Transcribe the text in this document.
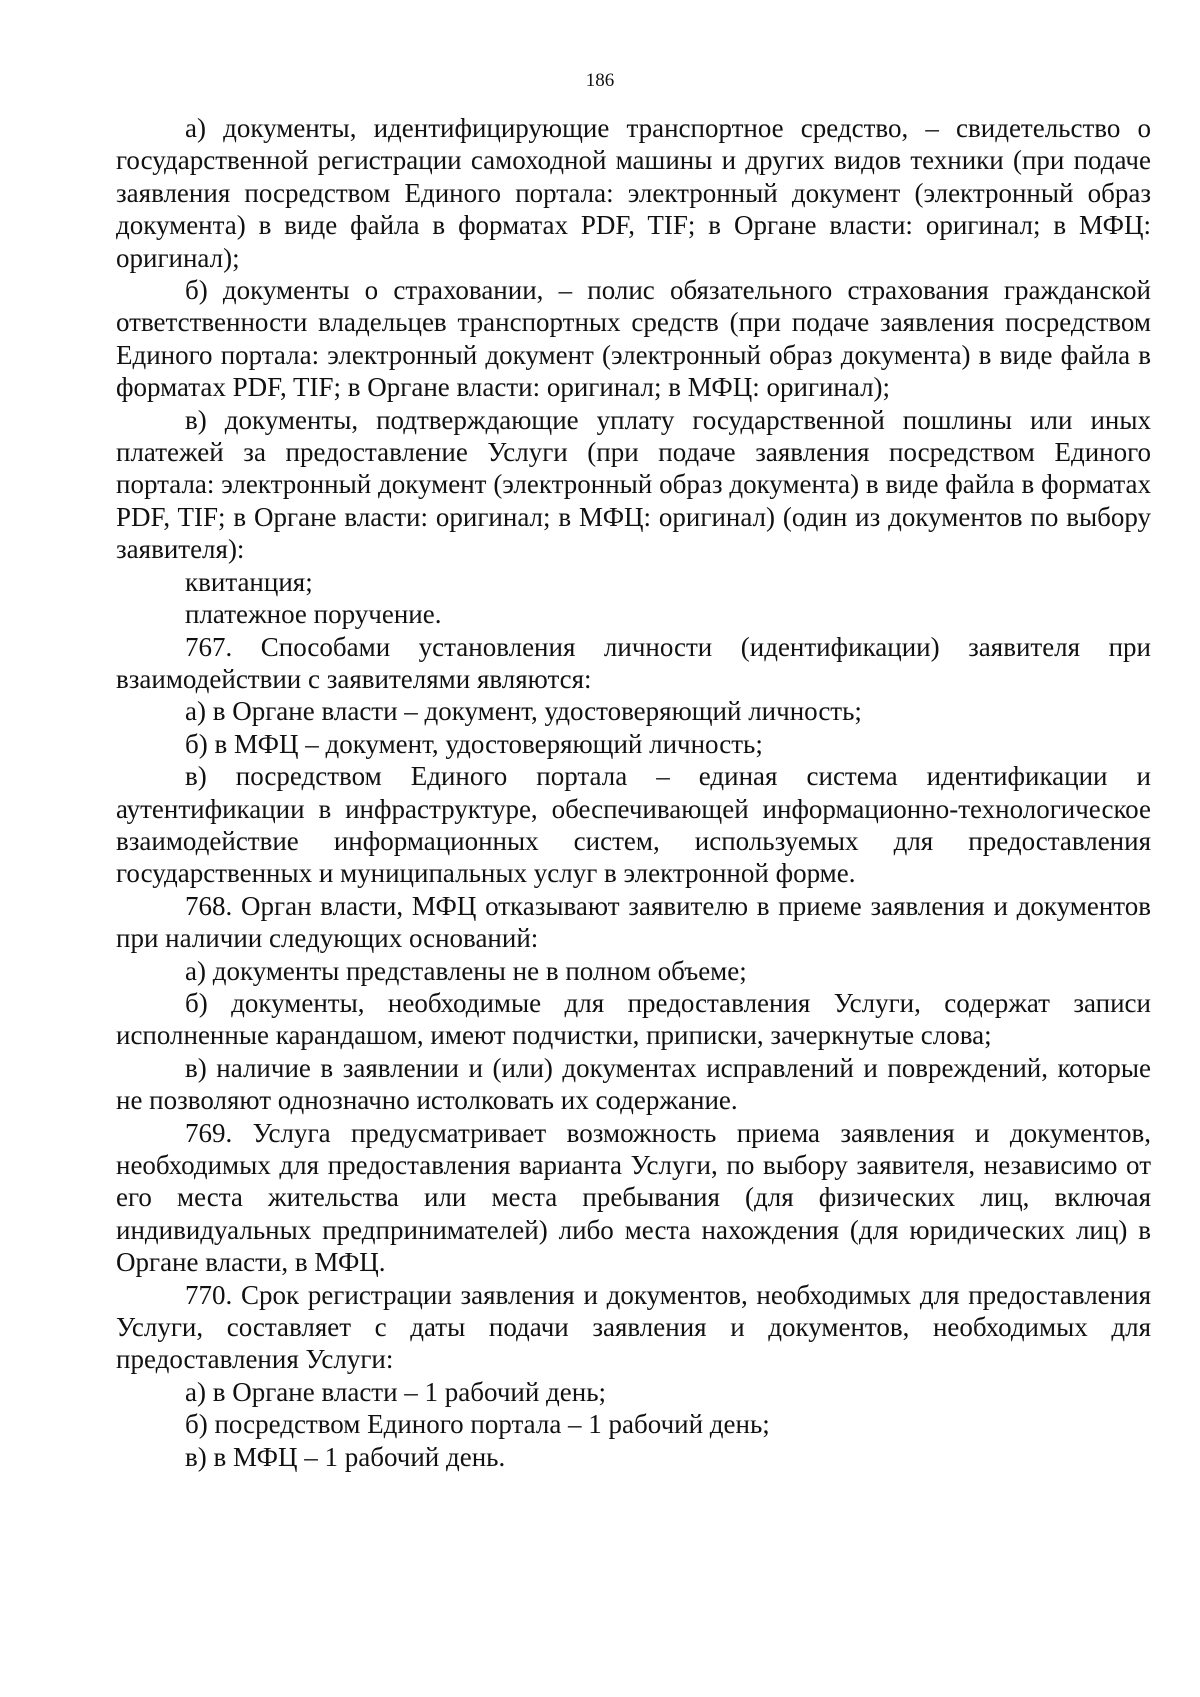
186

а) документы, идентифицирующие транспортное средство, – свидетельство о государственной регистрации самоходной машины и других видов техники (при подаче заявления посредством Единого портала: электронный документ (электронный образ документа) в виде файла в форматах PDF, TIF; в Органе власти: оригинал; в МФЦ: оригинал);

б) документы о страховании, – полис обязательного страхования гражданской ответственности владельцев транспортных средств (при подаче заявления посредством Единого портала: электронный документ (электронный образ документа) в виде файла в форматах PDF, TIF; в Органе власти: оригинал; в МФЦ: оригинал);

в) документы, подтверждающие уплату государственной пошлины или иных платежей за предоставление Услуги (при подаче заявления посредством Единого портала: электронный документ (электронный образ документа) в виде файла в форматах PDF, TIF; в Органе власти: оригинал; в МФЦ: оригинал) (один из документов по выбору заявителя):

квитанция;

платежное поручение.

767. Способами установления личности (идентификации) заявителя при взаимодействии с заявителями являются:

а) в Органе власти – документ, удостоверяющий личность;

б) в МФЦ – документ, удостоверяющий личность;

в) посредством Единого портала – единая система идентификации и аутентификации в инфраструктуре, обеспечивающей информационно-технологическое взаимодействие информационных систем, используемых для предоставления государственных и муниципальных услуг в электронной форме.

768. Орган власти, МФЦ отказывают заявителю в приеме заявления и документов при наличии следующих оснований:

а) документы представлены не в полном объеме;

б) документы, необходимые для предоставления Услуги, содержат записи исполненные карандашом, имеют подчистки, приписки, зачеркнутые слова;

в) наличие в заявлении и (или) документах исправлений и повреждений, которые не позволяют однозначно истолковать их содержание.

769. Услуга предусматривает возможность приема заявления и документов, необходимых для предоставления варианта Услуги, по выбору заявителя, независимо от его места жительства или места пребывания (для физических лиц, включая индивидуальных предпринимателей) либо места нахождения (для юридических лиц) в Органе власти, в МФЦ.

770. Срок регистрации заявления и документов, необходимых для предоставления Услуги, составляет с даты подачи заявления и документов, необходимых для предоставления Услуги:

а) в Органе власти – 1 рабочий день;

б) посредством Единого портала – 1 рабочий день;

в) в МФЦ – 1 рабочий день.
